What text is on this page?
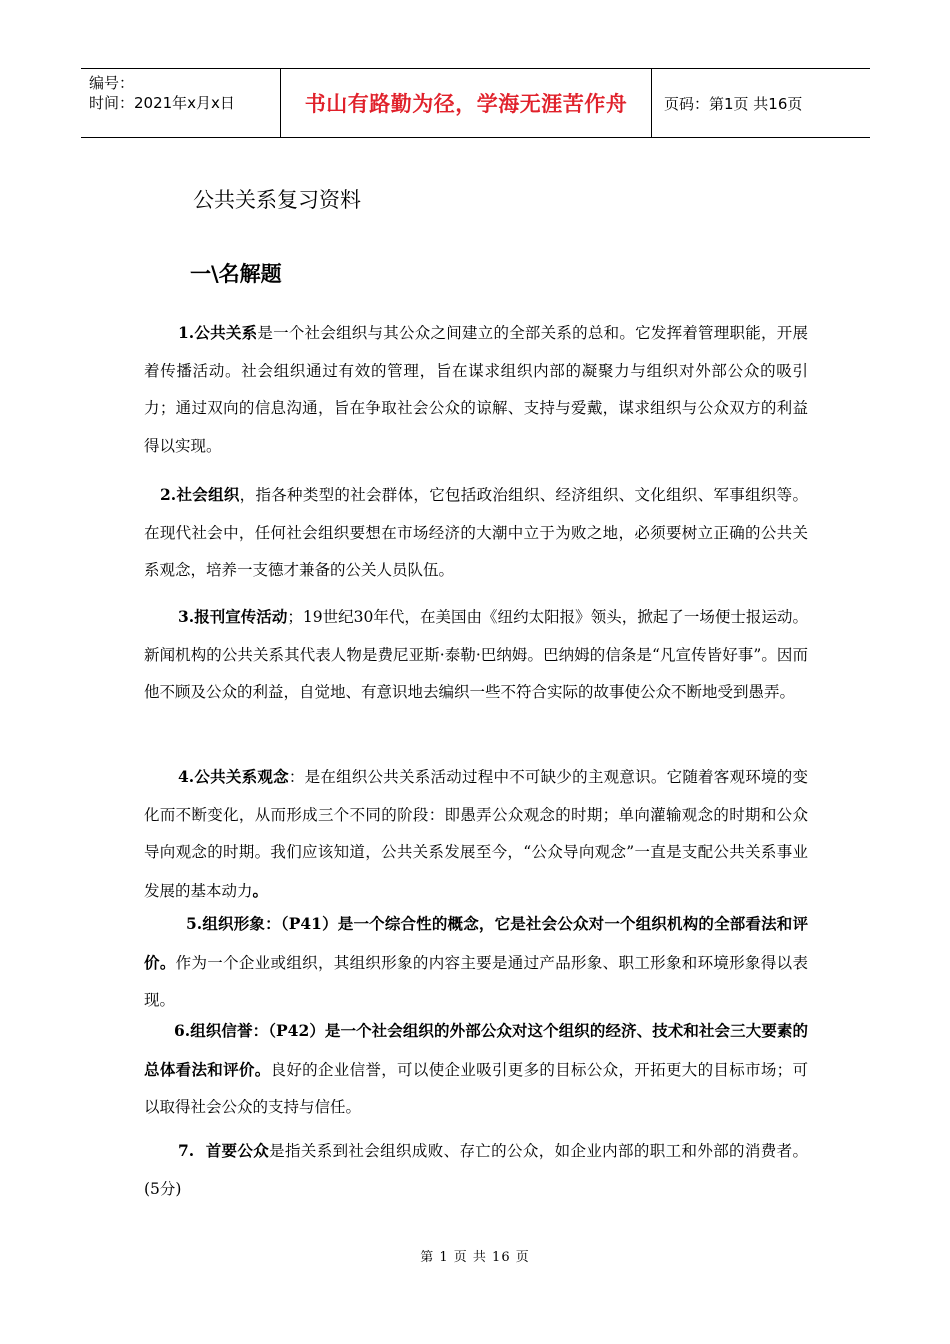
编号：
时间：2021年x月x日	书山有路勤为径，学海无涯苦作舟	页码：第1页 共16页
公共关系复习资料
一\名解题
1.公共关系是一个社会组织与其公众之间建立的全部关系的总和。它发挥着管理职能，开展着传播活动。社会组织通过有效的管理，旨在谋求组织内部的凝聚力与组织对外部公众的吸引力；通过双向的信息沟通，旨在争取社会公众的谅解、支持与爱戴，谋求组织与公众双方的利益得以实现。
2.社会组织，指各种类型的社会群体，它包括政治组织、经济组织、文化组织、军事组织等。在现代社会中，任何社会组织要想在市场经济的大潮中立于为败之地，必须要树立正确的公共关系观念，培养一支德才兼备的公关人员队伍。
3.报刊宣传活动；19世纪30年代，在美国由《纽约太阳报》领头，掀起了一场便士报运动。新闻机构的公共关系其代表人物是费尼亚斯·泰勒·巴纳姆。巴纳姆的信条是“凡宣传皆好事”。因而他不顾及公众的利益，自觉地、有意识地去编织一些不符合实际的故事使公众不断地受到愚弄。
4.公共关系观念：是在组织公共关系活动过程中不可缺少的主观意识。它随着客观环境的变化而不断变化，从而形成三个不同的阶段：即愚弄公众观念的时期；单向灌输观念的时期和公众导向观念的时期。我们应该知道，公共关系发展至今，“公众导向观念”一直是支配公共关系事业发展的基本动力。
5.组织形象：（P41）是一个综合性的概念，它是社会公众对一个组织机构的全部看法和评价。作为一个企业或组织，其组织形象的内容主要是通过产品形象、职工形象和环境形象得以表现。
6.组织信誉：（P42）是一个社会组织的外部公众对这个组织的经济、技术和社会三大要素的总体看法和评价。良好的企业信誉，可以使企业吸引更多的目标公众，开拓更大的目标市场；可以取得社会公众的支持与信任。
7.  首要公众是指关系到社会组织成败、存亡的公众，如企业内部的职工和外部的消费者。(5分)
第 1 页 共 16 页
